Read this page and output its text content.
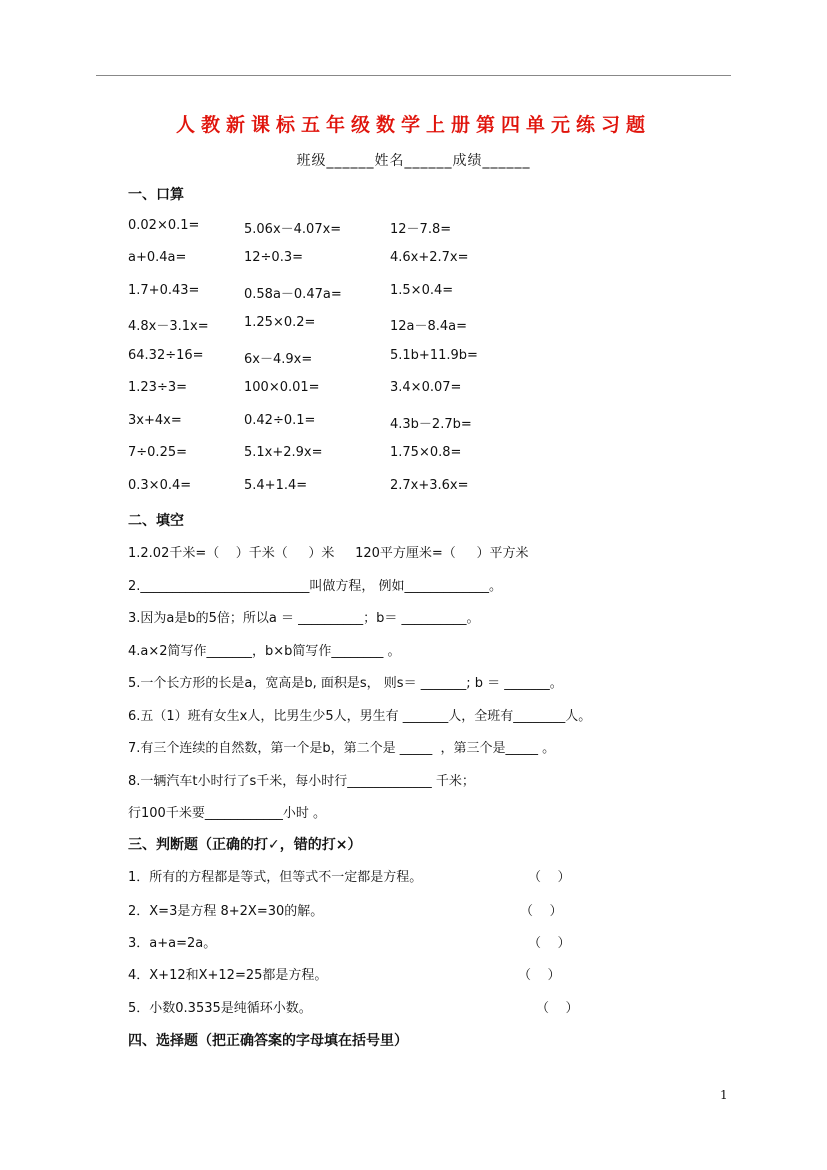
人教新课标五年级数学上册第四单元练习题
班级______姓名______成绩______
一、口算
0.02×0.1=	5.06x－4.07x=	12－7.8=
a+0.4a=	12÷0.3=	4.6x+2.7x=
1.7+0.43=	0.58a－0.47a=	1.5×0.4=
4.8x－3.1x=	1.25×0.2=	12a－8.4a=
64.32÷16=	6x－4.9x=	5.1b+11.9b=
1.23÷3=	100×0.01=	3.4×0.07=
3x+4x=	0.42÷0.1=	4.3b－2.7b=
7÷0.25=	5.1x+2.9x=	1.75×0.8=
0.3×0.4=	5.4+1.4=	2.7x+3.6x=
二、填空
1.2.02千米=（    ）千米（     ）米     120平方厘米=（     ）平方米
2.__________________________叫做方程， 例如_____________。
3.因为a是b的5倍；所以a ＝ __________；b＝ __________。
4.a×2简写作_______，b×b简写作________ 。
5.一个长方形的长是a，宽高是b, 面积是s， 则s＝ _______; b ＝ _______。
6.五（1）班有女生x人，比男生少5人，男生有 _______人，全班有________人。
7.有三个连续的自然数，第一个是b，第二个是 _____  ，第三个是_____ 。
8.一辆汽车t小时行了s千米，每小时行_____________ 千米；
行100千米要____________小时 。
三、判断题（正确的打✓，错的打×）
1．所有的方程都是等式，但等式不一定都是方程。	（    ）
2．X=3是方程 8+2X=30的解。	（    ）
3．a+a=2a。	（    ）
4．X+12和X+12=25都是方程。	（    ）
5．小数0.3535是纯循环小数。	（    ）
四、选择题（把正确答案的字母填在括号里）
1
